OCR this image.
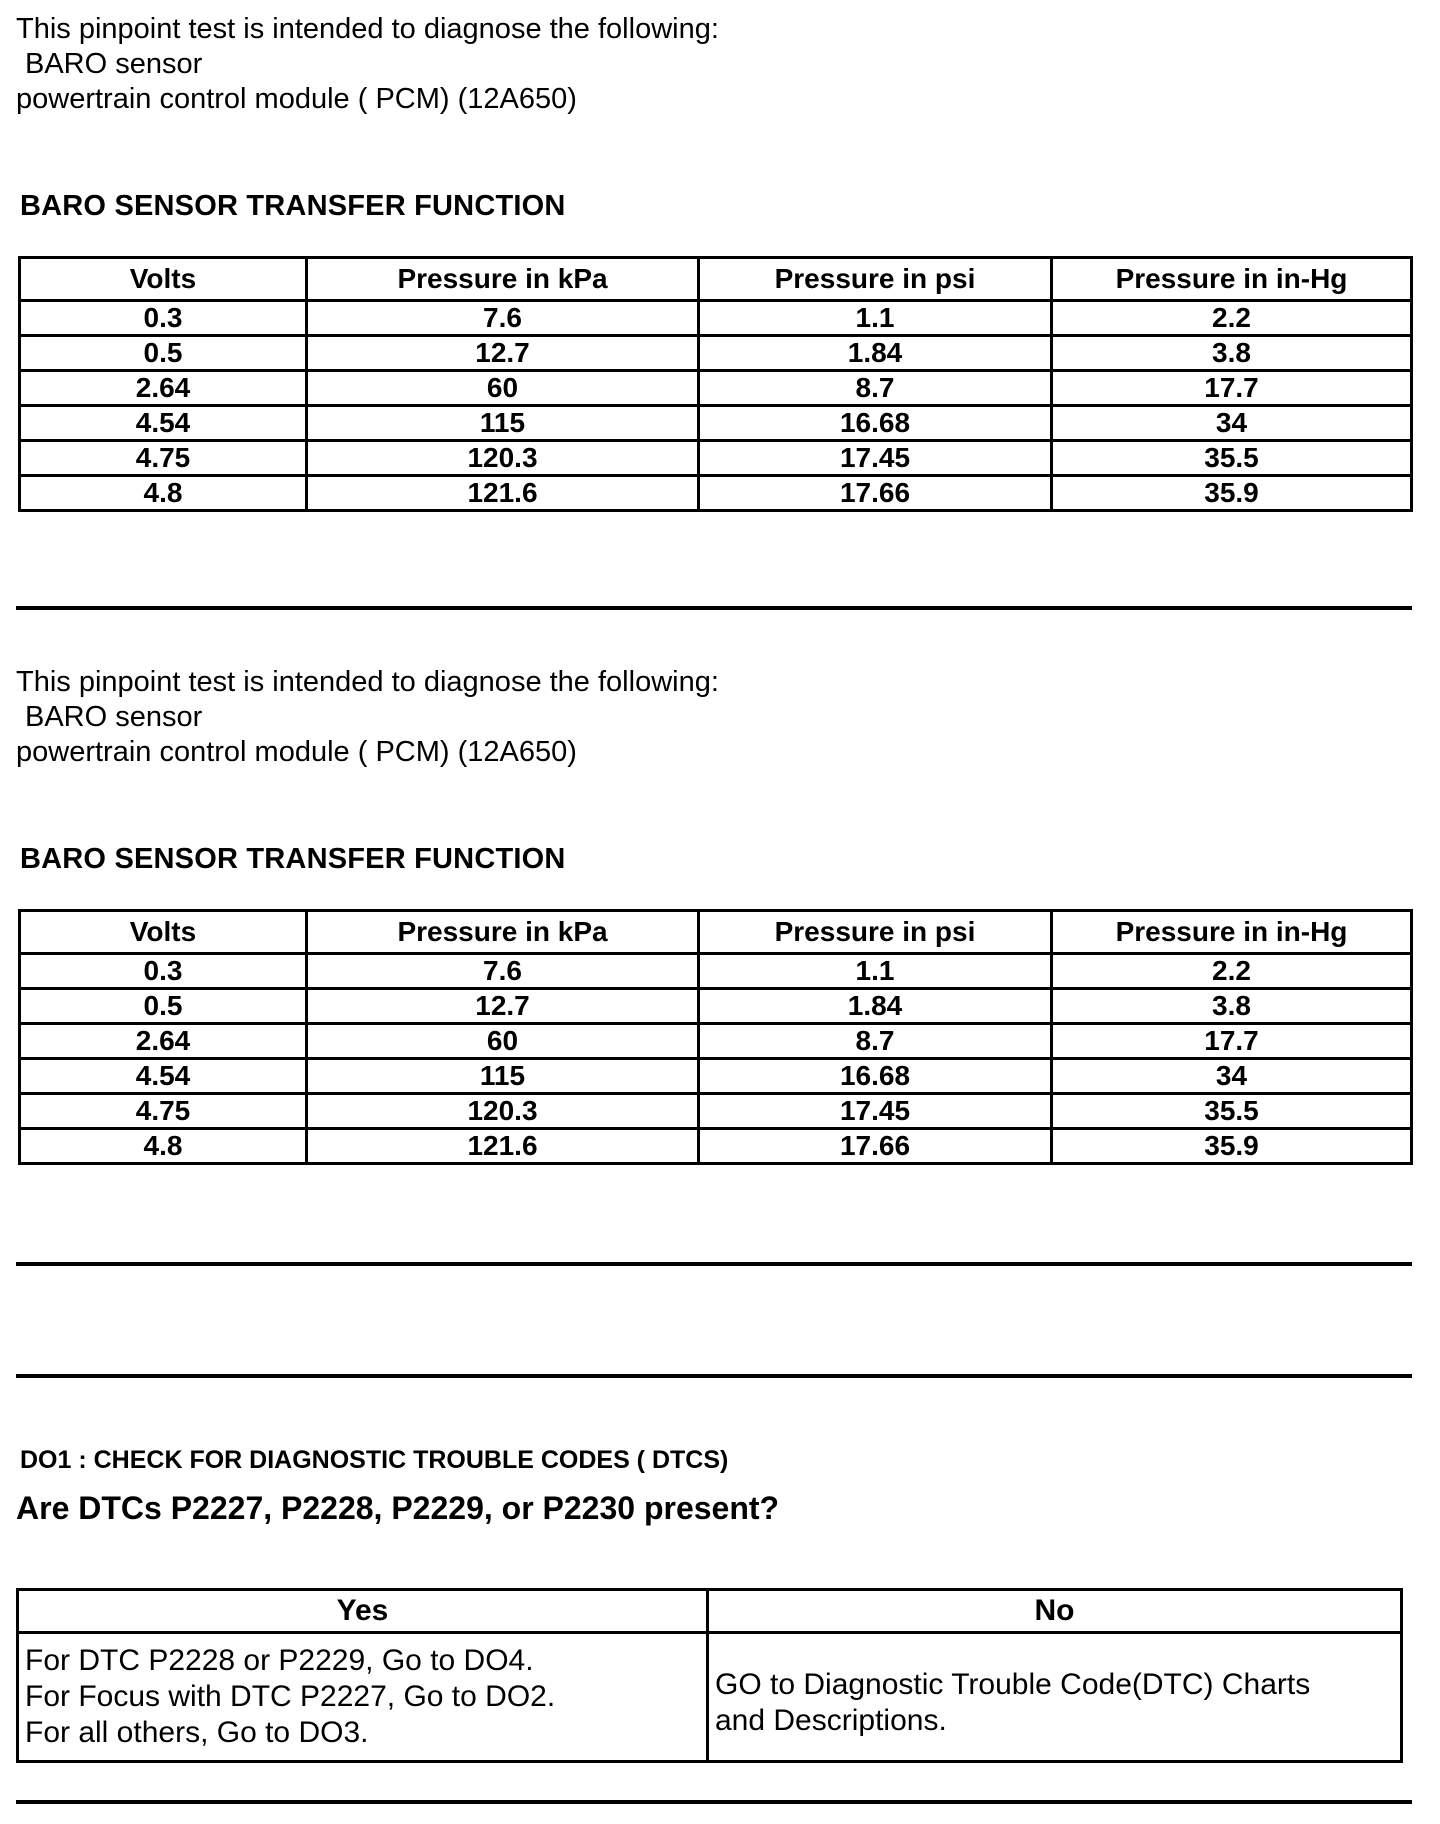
This pinpoint test is intended to diagnose the following:
BARO sensor
powertrain control module ( PCM) (12A650)
BARO SENSOR TRANSFER FUNCTION
Volts	Pressure in kPa	Pressure in psi	Pressure in in-Hg
0.3	7.6	1.1	2.2
0.5	12.7	1.84	3.8
2.64	60	8.7	17.7
4.54	115	16.68	34
4.75	120.3	17.45	35.5
4.8	121.6	17.66	35.9
This pinpoint test is intended to diagnose the following:
BARO sensor
powertrain control module ( PCM) (12A650)
BARO SENSOR TRANSFER FUNCTION
Volts	Pressure in kPa	Pressure in psi	Pressure in in-Hg
0.3	7.6	1.1	2.2
0.5	12.7	1.84	3.8
2.64	60	8.7	17.7
4.54	115	16.68	34
4.75	120.3	17.45	35.5
4.8	121.6	17.66	35.9
DO1 : CHECK FOR DIAGNOSTIC TROUBLE CODES ( DTCS)
Are DTCs P2227, P2228, P2229, or P2230 present?
Yes	No

For DTC P2228 or P2229, Go to DO4.
For Focus with DTC P2227, Go to DO2.
For all others, Go to DO3.	GO to Diagnostic Trouble Code(DTC) Charts
and Descriptions.
